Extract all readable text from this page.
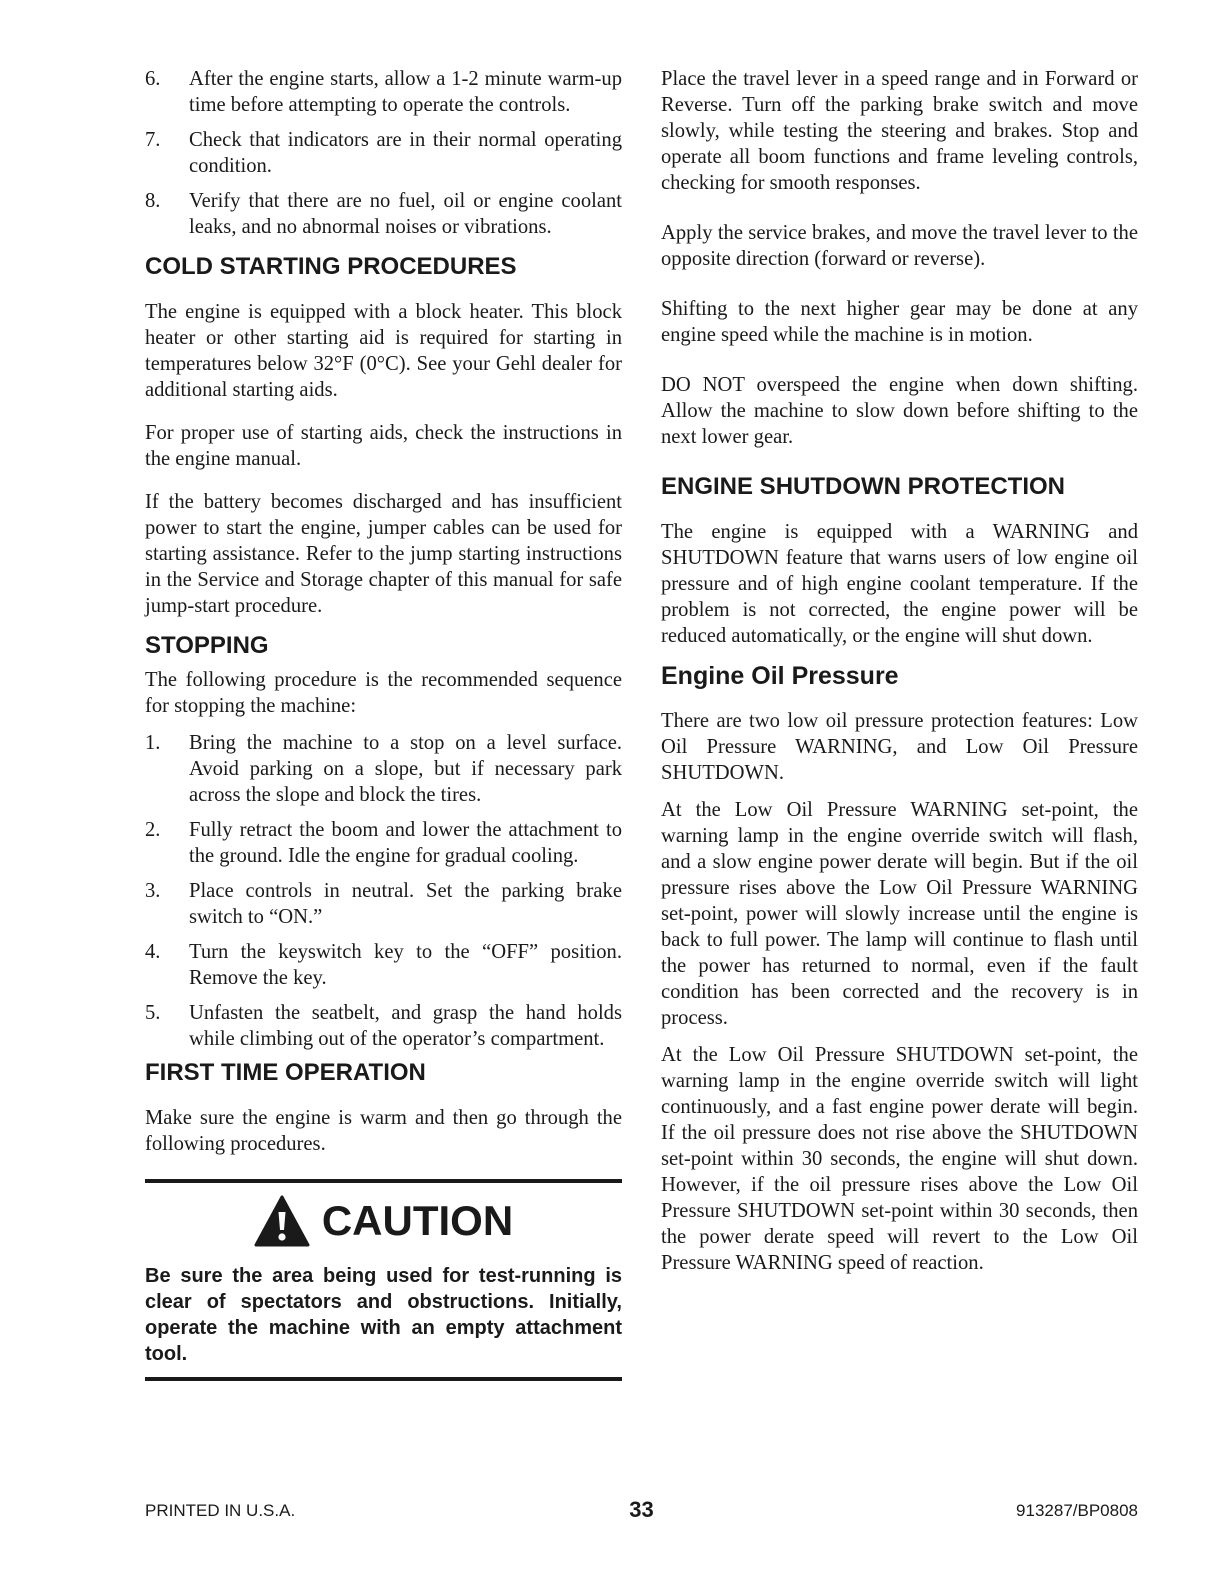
6.	After the engine starts, allow a 1-2 minute warm-up time before attempting to operate the controls.
7.	Check that indicators are in their normal operating condition.
8.	Verify that there are no fuel, oil or engine coolant leaks, and no abnormal noises or vibrations.
COLD STARTING PROCEDURES

The engine is equipped with a block heater. This block heater or other starting aid is required for starting in temperatures below 32°F (0°C). See your Gehl dealer for additional starting aids.

For proper use of starting aids, check the instructions in the engine manual.

If the battery becomes discharged and has insufficient power to start the engine, jumper cables can be used for starting assistance. Refer to the jump starting instructions in the Service and Storage chapter of this manual for safe jump-start procedure.

STOPPING

The following procedure is the recommended sequence for stopping the machine:

1.	Bring the machine to a stop on a level surface. Avoid parking on a slope, but if necessary park across the slope and block the tires.
2.	Fully retract the boom and lower the attachment to the ground. Idle the engine for gradual cooling.
3.	Place controls in neutral. Set the parking brake switch to “ON.”
4.	Turn the keyswitch key to the “OFF” position. Remove the key.
5.	Unfasten the seatbelt, and grasp the hand holds while climbing out of the operator’s compartment.
FIRST TIME OPERATION

Make sure the engine is warm and then go through the following procedures.

CAUTION

Be sure the area being used for test-running is clear of spectators and obstructions. Initially, operate the machine with an empty attachment tool.

Place the travel lever in a speed range and in Forward or Reverse. Turn off the parking brake switch and move slowly, while testing the steering and brakes. Stop and operate all boom functions and frame leveling controls, checking for smooth responses.

Apply the service brakes, and move the travel lever to the opposite direction (forward or reverse).

Shifting to the next higher gear may be done at any engine speed while the machine is in motion.

DO NOT overspeed the engine when down shifting. Allow the machine to slow down before shifting to the next lower gear.

ENGINE SHUTDOWN PROTECTION

The engine is equipped with a WARNING and SHUTDOWN feature that warns users of low engine oil pressure and of high engine coolant temperature. If the problem is not corrected, the engine power will be reduced automatically, or the engine will shut down.

Engine Oil Pressure

There are two low oil pressure protection features: Low Oil Pressure WARNING, and Low Oil Pressure SHUTDOWN.

At the Low Oil Pressure WARNING set-point, the warning lamp in the engine override switch will flash, and a slow engine power derate will begin. But if the oil pressure rises above the Low Oil Pressure WARNING set-point, power will slowly increase until the engine is back to full power. The lamp will continue to flash until the power has returned to normal, even if the fault condition has been corrected and the recovery is in process.

At the Low Oil Pressure SHUTDOWN set-point, the warning lamp in the engine override switch will light continuously, and a fast engine power derate will begin. If the oil pressure does not rise above the SHUTDOWN set-point within 30 seconds, the engine will shut down. However, if the oil pressure rises above the Low Oil Pressure SHUTDOWN set-point within 30 seconds, then the power derate speed will revert to the Low Oil Pressure WARNING speed of reaction.

PRINTED IN U.S.A.	33	913287/BP0808
